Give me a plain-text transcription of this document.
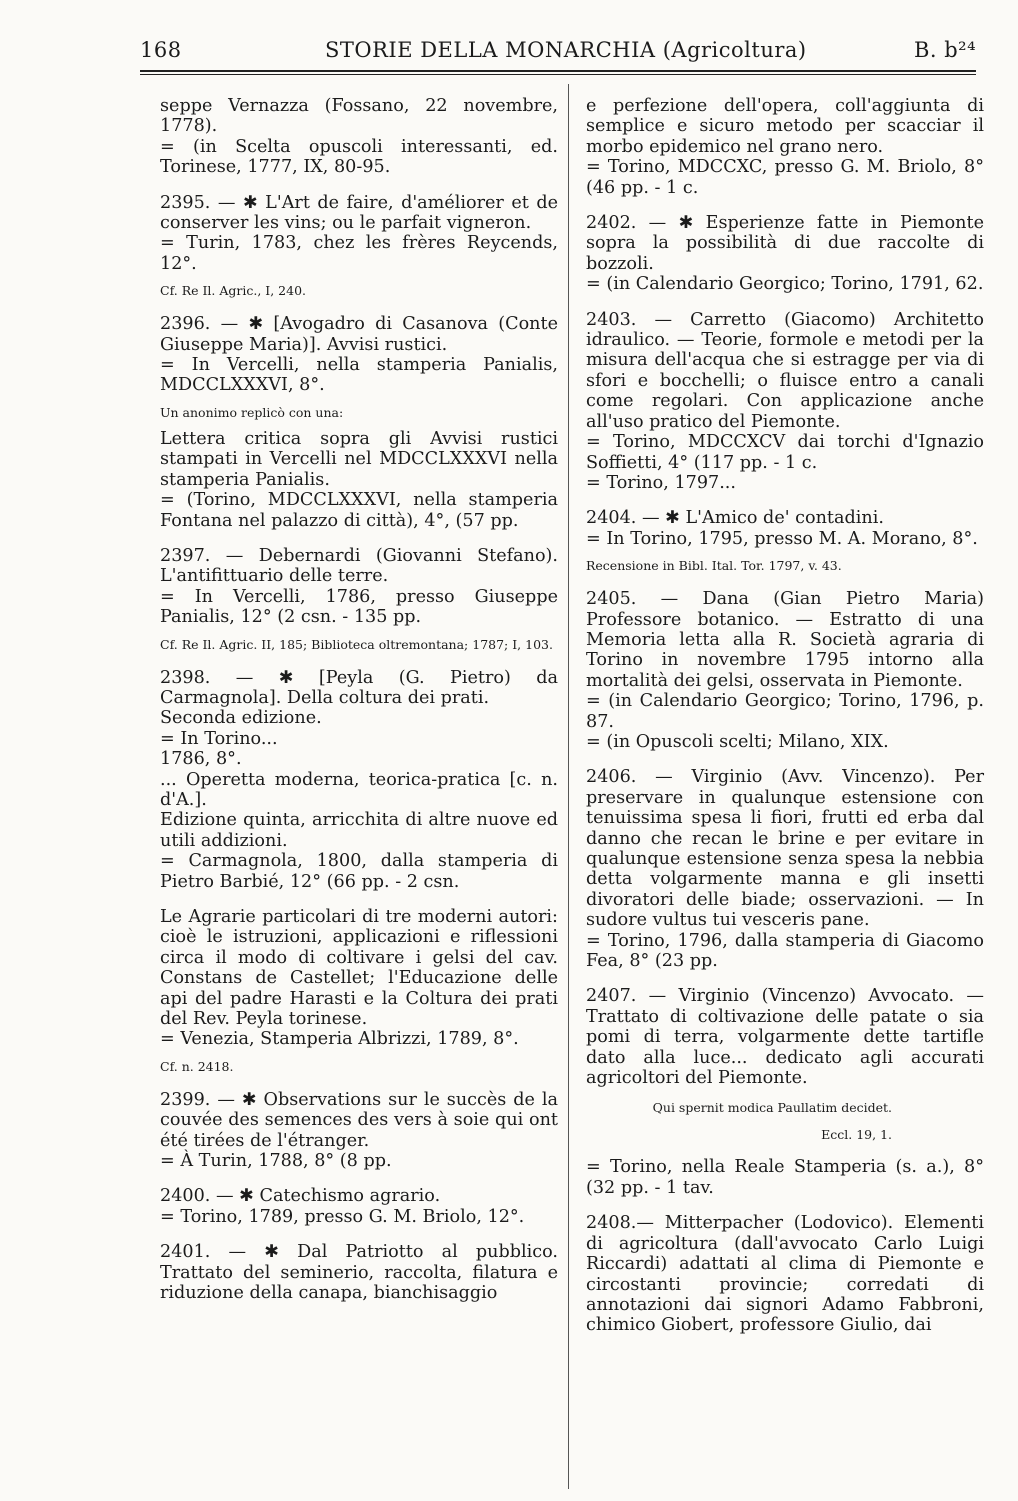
168	STORIE DELLA MONARCHIA (Agricoltura)	B. b²⁴

seppe Vernazza (Fossano, 22 novembre, 1778).

= (in Scelta opuscoli interessanti, ed. Torinese, 1777, IX, 80-95.

2395. — ✱ L'Art de faire, d'améliorer et de conserver les vins; ou le parfait vigneron.

= Turin, 1783, chez les frères Reycends, 12°.

Cf. Re Il. Agric., I, 240.

2396. — ✱ [Avogadro di Casanova (Conte Giuseppe Maria)]. Avvisi rustici.

= In Vercelli, nella stamperia Panialis, MDCCLXXXVI, 8°.

Un anonimo replicò con una:

Lettera critica sopra gli Avvisi rustici stampati in Vercelli nel MDCCLXXXVI nella stamperia Panialis.

= (Torino, MDCCLXXXVI, nella stamperia Fontana nel palazzo di città), 4°, (57 pp.

2397. — Debernardi (Giovanni Stefano). L'antifittuario delle terre.

= In Vercelli, 1786, presso Giuseppe Panialis, 12° (2 csn. - 135 pp.

Cf. Re Il. Agric. II, 185; Biblioteca oltremontana; 1787; I, 103.

2398. — ✱ [Peyla (G. Pietro) da Carmagnola]. Della coltura dei prati.

Seconda edizione.

= In Torino...

1786, 8°.

... Operetta moderna, teorica-pratica [c. n. d'A.].

Edizione quinta, arricchita di altre nuove ed utili addizioni.

= Carmagnola, 1800, dalla stamperia di Pietro Barbié, 12° (66 pp. - 2 csn.

Le Agrarie particolari di tre moderni autori: cioè le istruzioni, applicazioni e riflessioni circa il modo di coltivare i gelsi del cav. Constans de Castellet; l'Educazione delle api del padre Harasti e la Coltura dei prati del Rev. Peyla torinese.

= Venezia, Stamperia Albrizzi, 1789, 8°.

Cf. n. 2418.

2399. — ✱ Observations sur le succès de la couvée des semences des vers à soie qui ont été tirées de l'étranger.

= À Turin, 1788, 8° (8 pp.

2400. — ✱ Catechismo agrario.

= Torino, 1789, presso G. M. Briolo, 12°.

2401. — ✱ Dal Patriotto al pubblico. Trattato del seminerio, raccolta, filatura e riduzione della canapa, bianchisaggio

e perfezione dell'opera, coll'aggiunta di semplice e sicuro metodo per scacciar il morbo epidemico nel grano nero.

= Torino, MDCCXC, presso G. M. Briolo, 8° (46 pp. - 1 c.

2402. — ✱ Esperienze fatte in Piemonte sopra la possibilità di due raccolte di bozzoli.

= (in Calendario Georgico; Torino, 1791, 62.

2403. — Carretto (Giacomo) Architetto idraulico. — Teorie, formole e metodi per la misura dell'acqua che si estragge per via di sfori e bocchelli; o fluisce entro a canali come regolari. Con applicazione anche all'uso pratico del Piemonte.

= Torino, MDCCXCV dai torchi d'Ignazio Soffietti, 4° (117 pp. - 1 c.

= Torino, 1797...

2404. — ✱ L'Amico de' contadini.

= In Torino, 1795, presso M. A. Morano, 8°.

Recensione in Bibl. Ital. Tor. 1797, v. 43.

2405. — Dana (Gian Pietro Maria) Professore botanico. — Estratto di una Memoria letta alla R. Società agraria di Torino in novembre 1795 intorno alla mortalità dei gelsi, osservata in Piemonte.

= (in Calendario Georgico; Torino, 1796, p. 87.

= (in Opuscoli scelti; Milano, XIX.

2406. — Virginio (Avv. Vincenzo). Per preservare in qualunque estensione con tenuissima spesa li fiori, frutti ed erba dal danno che recan le brine e per evitare in qualunque estensione senza spesa la nebbia detta volgarmente manna e gli insetti divoratori delle biade; osservazioni. — In sudore vultus tui vesceris pane.

= Torino, 1796, dalla stamperia di Giacomo Fea, 8° (23 pp.

2407. — Virginio (Vincenzo) Avvocato. — Trattato di coltivazione delle patate o sia pomi di terra, volgarmente dette tartifle dato alla luce... dedicato agli accurati agricoltori del Piemonte.

Qui spernit modica Paullatim decidet.

Eccl. 19, 1.

= Torino, nella Reale Stamperia (s. a.), 8° (32 pp. - 1 tav.

2408.— Mitterpacher (Lodovico). Elementi di agricoltura (dall'avvocato Carlo Luigi Riccardi) adattati al clima di Piemonte e circostanti provincie; corredati di annotazioni dai signori Adamo Fabbroni, chimico Giobert, professore Giulio, dai
